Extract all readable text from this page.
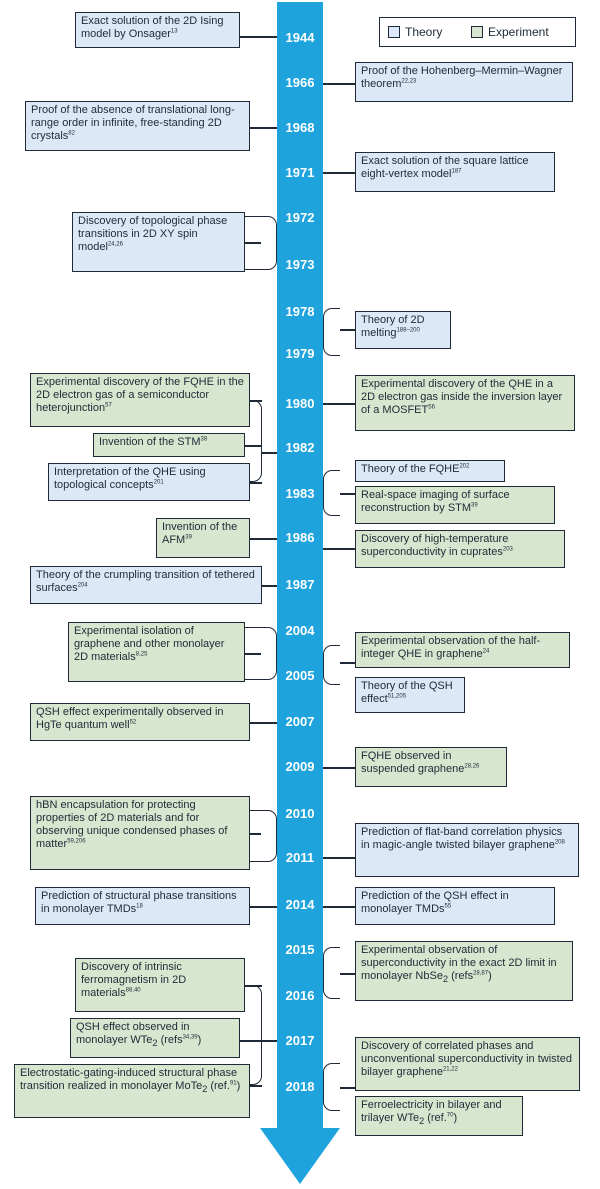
Theory	Experiment
1944
1966
1968
1971
1972
1973
1978
1979
1980
1982
1983
1986
1987
2004
2005
2007
2009
2010
2011
2014
2015
2016
2017
2018
Exact solution of the 2D Ising model by Onsager$^{13}$
Proof of the Hohenberg–Mermin–Wagner theorem$^{22,23}$
Proof of the absence of translational long-range order in infinite, free-standing 2D crystals$^{82}$
Exact solution of the square lattice eight-vertex model$^{187}$
Discovery of topological phase transitions in 2D XY spin model$^{24,26}$
Theory of 2D melting$^{188-200}$
Experimental discovery of the FQHE in the 2D electron gas of a semiconductor heterojunction$^{57}$
Experimental discovery of the QHE in a 2D electron gas inside the inversion layer of a MOSFET$^{56}$
Invention of the STM$^{38}$
Interpretation of the QHE using topological concepts$^{201}$
Theory of the FQHE$^{202}$
Real-space imaging of surface reconstruction by STM$^{39}$
Invention of the AFM$^{39}$	Discovery of high-temperature superconductivity in cuprates$^{203}$
Theory of the crumpling transition of tethered surfaces$^{204}$
Experimental isolation of graphene and other monolayer 2D materials$^{8,25}$
Experimental observation of the half-integer QHE in graphene$^{24}$
Theory of the QSH effect$^{51,205}$
QSH effect experimentally observed in HgTe quantum well$^{52}$
FQHE observed in suspended graphene$^{28,26}$
hBN encapsulation for protecting properties of 2D materials and for observing unique condensed phases of matter$^{59,206}$
Prediction of flat-band correlation physics in magic-angle twisted bilayer graphene$^{208}$
Prediction of structural phase transitions in monolayer TMDs$^{18}$
Prediction of the QSH effect in monolayer TMDs$^{55}$
Experimental observation of superconductivity in the exact 2D limit in monolayer NbSe$_2$ (refs$^{28,87}$)
Discovery of intrinsic ferromagnetism in 2D materials$^{88,40}$
QSH effect observed in monolayer WTe$_2$ (refs$^{34,39}$)	Discovery of correlated phases and unconventional superconductivity in twisted bilayer graphene$^{21,22}$
Electrostatic-gating-induced structural phase transition realized in monolayer MoTe$_2$ (ref.$^{91}$)
Ferroelectricity in bilayer and trilayer WTe$_2$ (ref.$^{70}$)
